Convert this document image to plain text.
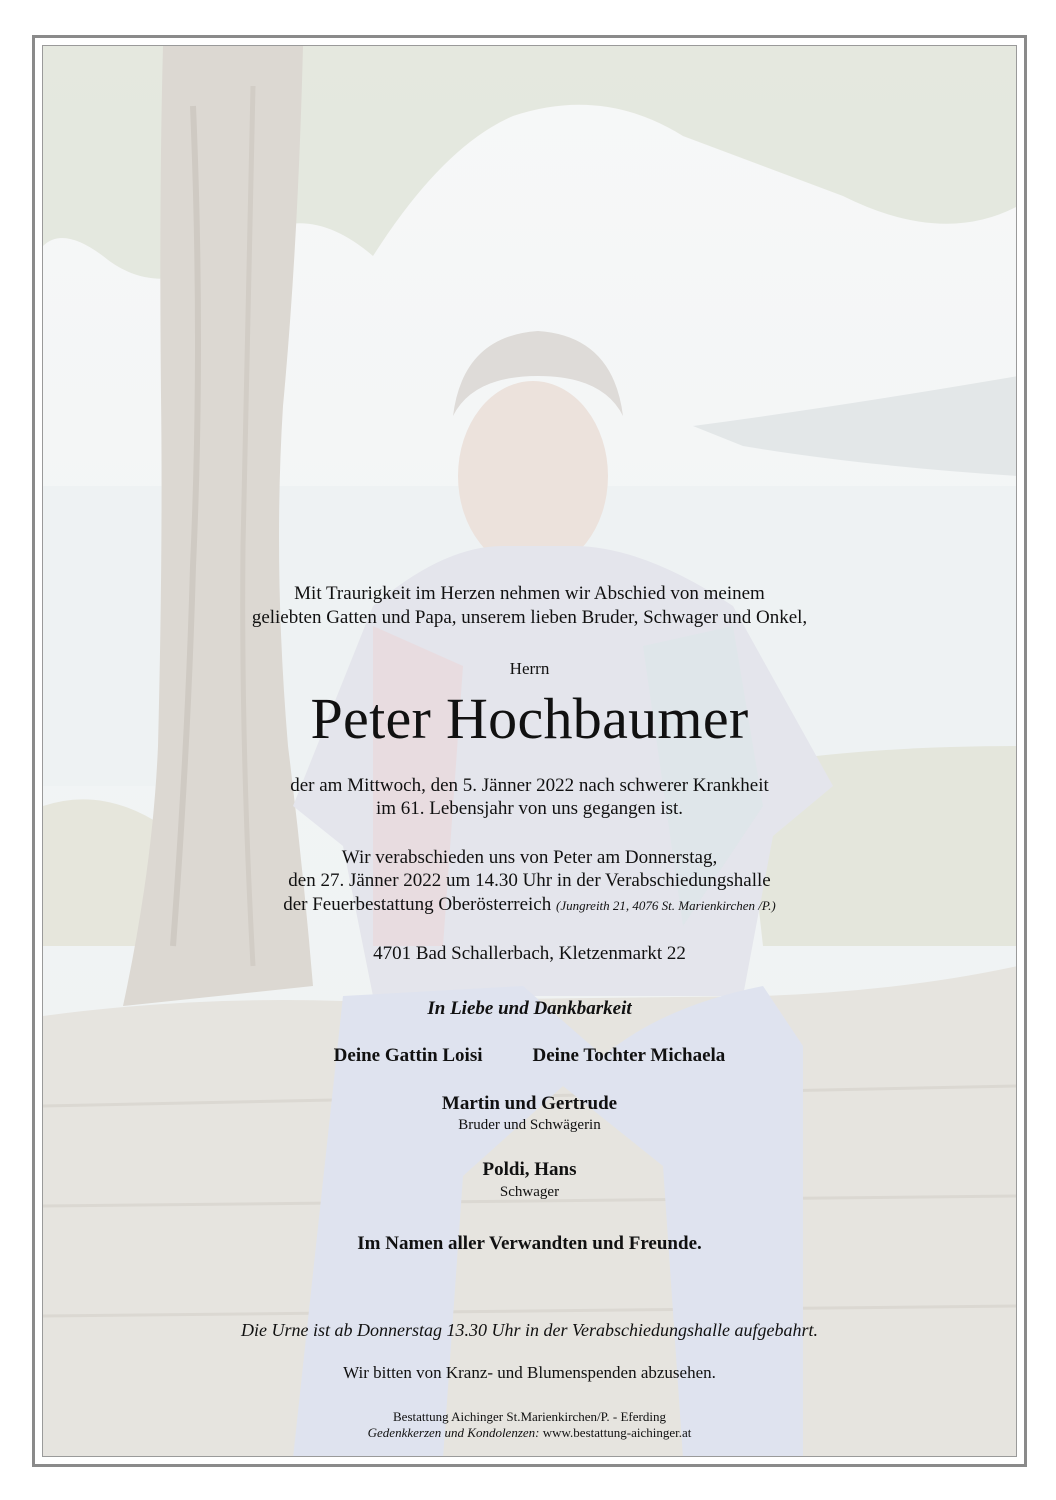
Mit Traurigkeit im Herzen nehmen wir Abschied von meinem

geliebten Gatten und Papa, unserem lieben Bruder, Schwager und Onkel,

Herrn

Peter Hochbaumer

der am Mittwoch, den 5. Jänner 2022 nach schwerer Krankheit

im 61. Lebensjahr von uns gegangen ist.

Wir verabschieden uns von Peter am Donnerstag,

den 27. Jänner 2022 um 14.30 Uhr in der Verabschiedungshalle

der Feuerbestattung Oberösterreich (Jungreith 21, 4076 St. Marienkirchen /P.)

4701 Bad Schallerbach, Kletzenmarkt 22

In Liebe und Dankbarkeit

Deine Gattin Loisi	Deine Tochter Michaela

Martin und Gertrude

Bruder und Schwägerin

Poldi, Hans

Schwager

Im Namen aller Verwandten und Freunde.

Die Urne ist ab Donnerstag 13.30 Uhr in der Verabschiedungshalle aufgebahrt.

Wir bitten von Kranz- und Blumenspenden abzusehen.

Bestattung Aichinger St.Marienkirchen/P. - Eferding

Gedenkkerzen und Kondolenzen: www.bestattung-aichinger.at
